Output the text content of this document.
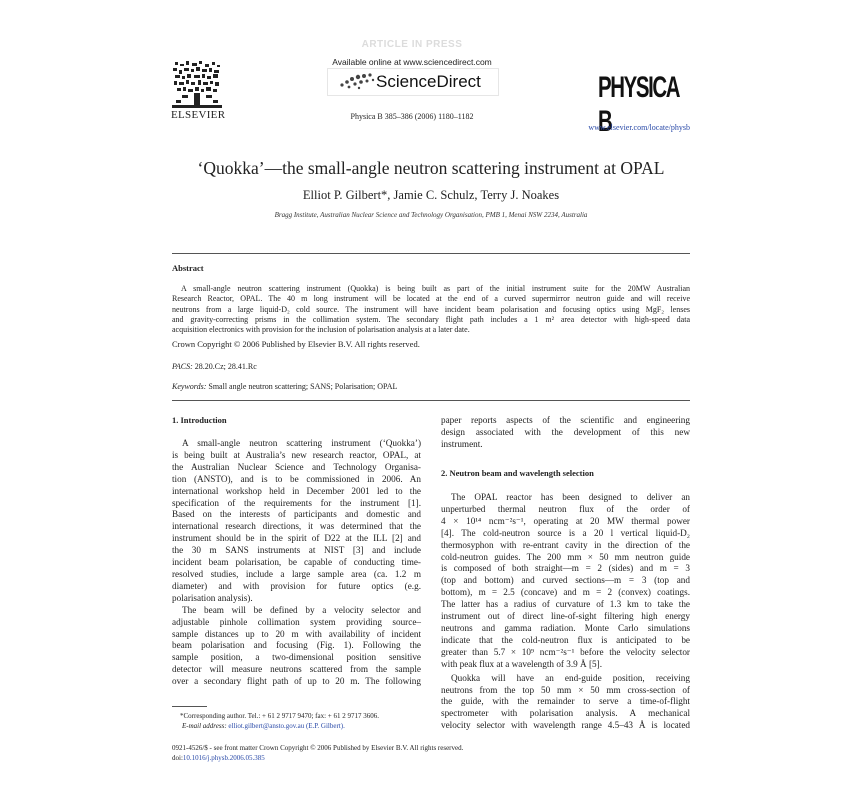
ELSEVIER
ARTICLE IN PRESS
Available online at www.sciencedirect.com
ScienceDirect
Physica B 385–386 (2006) 1180–1182
PHYSICA B
www.elsevier.com/locate/physb
‘Quokka’—the small-angle neutron scattering instrument at OPAL
Elliot P. Gilbert*, Jamie C. Schulz, Terry J. Noakes
Bragg Institute, Australian Nuclear Science and Technology Organisation, PMB 1, Menai NSW 2234, Australia
Abstract
A small-angle neutron scattering instrument (Quokka) is being built as part of the initial instrument suite for the 20MW Australian
Research Reactor, OPAL. The 40 m long instrument will be located at the end of a curved supermirror neutron guide and will receive
neutrons from a large liquid-D₂ cold source. The instrument will have incident beam polarisation and focusing optics using MgF₂ lenses
and gravity-correcting prisms in the collimation system. The secondary flight path includes a 1 m² area detector with high-speed data
acquisition electronics with provision for the inclusion of polarisation analysis at a later date.
Crown Copyright © 2006 Published by Elsevier B.V. All rights reserved.
PACS: 28.20.Cz; 28.41.Rc
Keywords: Small angle neutron scattering; SANS; Polarisation; OPAL
1. Introduction
A small-angle neutron scattering instrument (‘Quokka’)
is being built at Australia’s new research reactor, OPAL, at
the Australian Nuclear Science and Technology Organisa-
tion (ANSTO), and is to be commissioned in 2006. An
international workshop held in December 2001 led to the
specification of the requirements for the instrument [1].
Based on the interests of participants and domestic and
international research directions, it was determined that the
instrument should be in the spirit of D22 at the ILL [2] and
the 30 m SANS instruments at NIST [3] and include
incident beam polarisation, be capable of conducting time-
resolved studies, include a large sample area (ca. 1.2 m
diameter) and with provision for future optics (e.g.
polarisation analysis).
The beam will be defined by a velocity selector and
adjustable pinhole collimation system providing source–
sample distances up to 20 m with availability of incident
beam polarisation and focusing (Fig. 1). Following the
sample position, a two-dimensional position sensitive
detector will measure neutrons scattered from the sample
over a secondary flight path of up to 20 m. The following
paper reports aspects of the scientific and engineering
design associated with the development of this new
instrument.
2. Neutron beam and wavelength selection
The OPAL reactor has been designed to deliver an
unperturbed thermal neutron flux of the order of
4 × 10¹⁴ ncm⁻²s⁻¹, operating at 20 MW thermal power
[4]. The cold-neutron source is a 20 l vertical liquid-D₂
thermosyphon with re-entrant cavity in the direction of the
cold-neutron guides. The 200 mm × 50 mm neutron guide
is composed of both straight—m = 2 (sides) and m = 3
(top and bottom) and curved sections—m = 3 (top and
bottom), m = 2.5 (concave) and m = 2 (convex) coatings.
The latter has a radius of curvature of 1.3 km to take the
instrument out of direct line-of-sight filtering high energy
neutrons and gamma radiation. Monte Carlo simulations
indicate that the cold-neutron flux is anticipated to be
greater than 5.7 × 10⁹ ncm⁻²s⁻¹ before the velocity selector
with peak flux at a wavelength of 3.9 Å [5].
Quokka will have an end-guide position, receiving
neutrons from the top 50 mm × 50 mm cross-section of
the guide, with the remainder to serve a time-of-flight
spectrometer with polarisation analysis. A mechanical
velocity selector with wavelength range 4.5–43 Å is located
*Corresponding author. Tel.: + 61 2 9717 9470; fax: + 61 2 9717 3606.
E-mail address: elliot.gilbert@ansto.gov.au (E.P. Gilbert).
0921-4526/$ - see front matter Crown Copyright © 2006 Published by Elsevier B.V. All rights reserved.
doi:10.1016/j.physb.2006.05.385
